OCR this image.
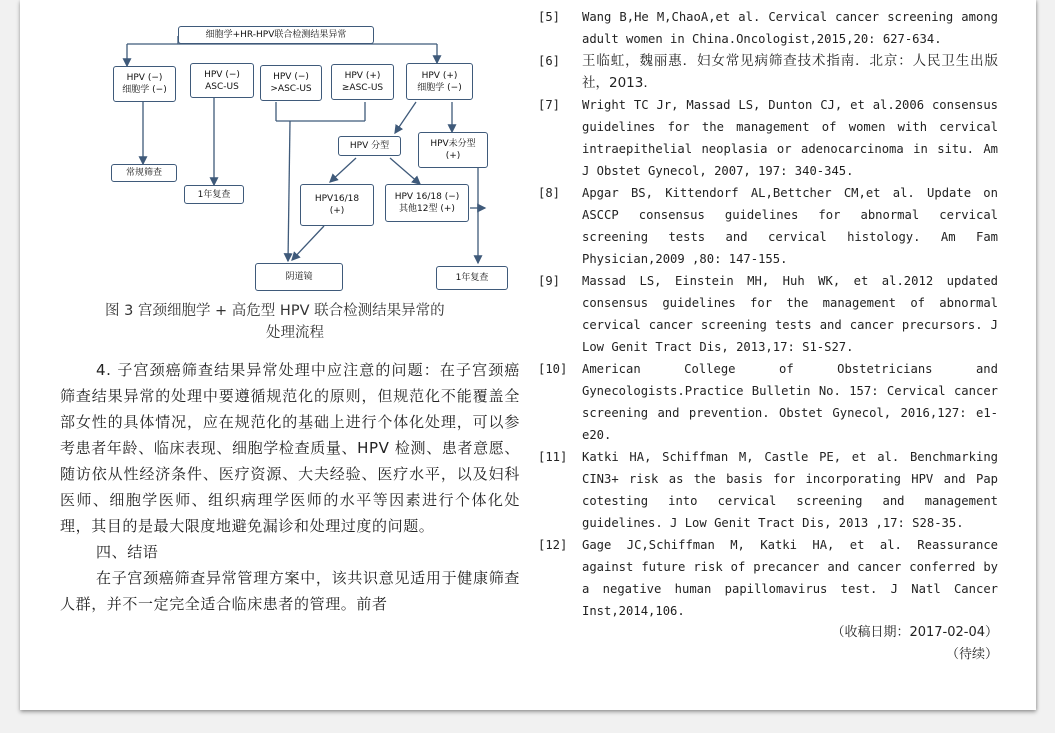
细胞学+HR-HPV联合检测结果异常
HPV (−)
细胞学 (−)
HPV (−)
ASC-US
HPV (−)
>ASC-US
HPV (+)
≥ASC-US
HPV (+)
细胞学 (−)
常规筛查
1年复查
HPV 分型	HPV未分型
(+)
HPV16/18
(+)
HPV 16/18 (−)
其他12型 (+)
阴道镜	1年复查
图 3 宫颈细胞学 + 高危型 HPV 联合检测结果异常的
处理流程

4. 子宫颈癌筛查结果异常处理中应注意的问题：在子宫颈癌筛查结果异常的处理中要遵循规范化的原则，但规范化不能覆盖全部女性的具体情况，应在规范化的基础上进行个体化处理，可以参考患者年龄、临床表现、细胞学检查质量、HPV 检测、患者意愿、随访依从性经济条件、医疗资源、大夫经验、医疗水平，以及妇科医师、细胞学医师、组织病理学医师的水平等因素进行个体化处理，其目的是最大限度地避免漏诊和处理过度的问题。

四、结语

在子宫颈癌筛查异常管理方案中，该共识意见适用于健康筛查人群，并不一定完全适合临床患者的管理。前者

[5]	Wang B,He M,ChaoA,et al. Cervical cancer screening among adult women in China.Oncologist,2015,20: 627-634.

[6]	王临虹，魏丽惠．妇女常见病筛查技术指南．北京：人民卫生出版社，2013.

[7]	Wright TC Jr, Massad LS, Dunton CJ, et al.2006 consensus guidelines for the management of women with cervical intraepithelial neoplasia or adenocarcinoma in situ. Am J Obstet Gynecol, 2007, 197: 340-345.

[8]	Apgar BS, Kittendorf AL,Bettcher CM,et al. Update on ASCCP consensus guidelines for abnormal cervical screening tests and cervical histology. Am Fam Physician,2009 ,80: 147-155.

[9]	Massad LS, Einstein MH, Huh WK, et al.2012 updated consensus guidelines for the management of abnormal cervical cancer screening tests and cancer precursors. J Low Genit Tract Dis, 2013,17: S1-S27.

[10]	American College of Obstetricians and Gynecologists.Practice Bulletin No. 157: Cervical cancer screening and prevention. Obstet Gynecol, 2016,127: e1-e20.

[11]	Katki HA, Schiffman M, Castle PE, et al. Benchmarking CIN3+ risk as the basis for incorporating HPV and Pap cotesting into cervical screening and management guidelines. J Low Genit Tract Dis, 2013 ,17: S28-35.

[12]	Gage JC,Schiffman M, Katki HA, et al. Reassurance against future risk of precancer and cancer conferred by a negative human papillomavirus test. J Natl Cancer Inst,2014,106.

（收稿日期：2017-02-04）
（待续）
